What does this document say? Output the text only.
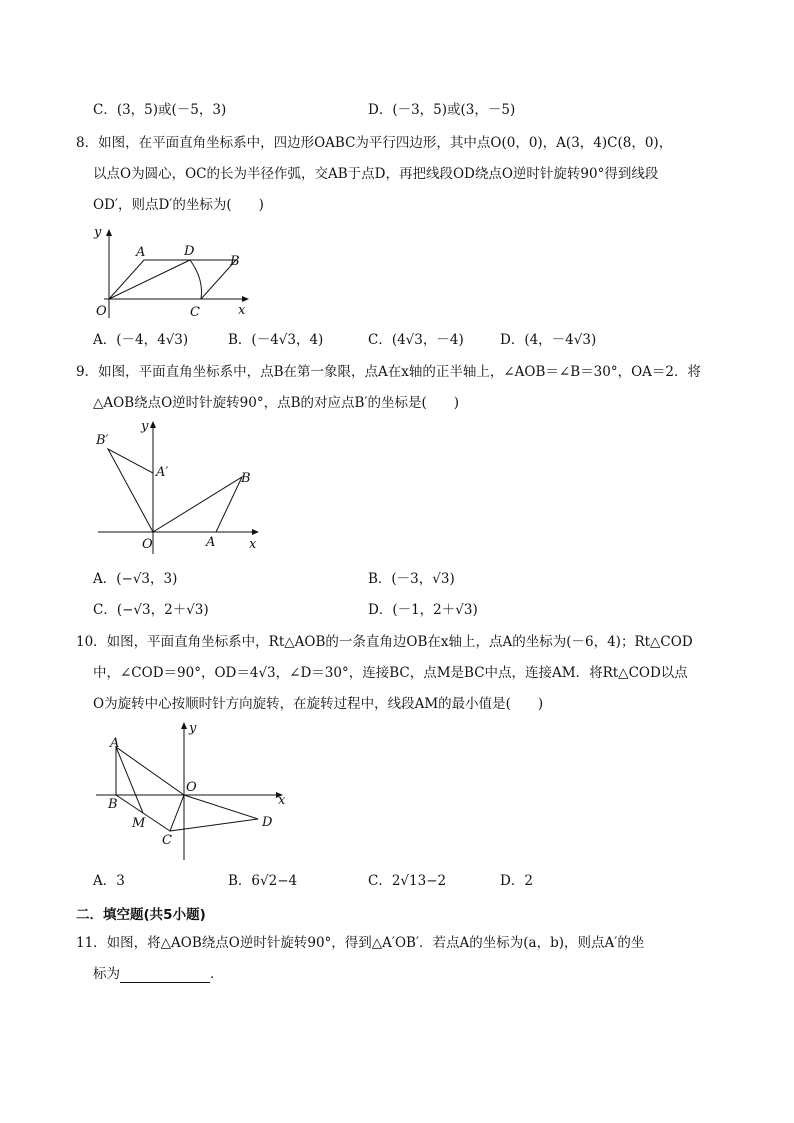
C．(3，5)或(－5，3)	D．(－3，5)或(3，－5)
8．如图，在平面直角坐标系中，四边形OABC为平行四边形，其中点O(0，0)，A(3，4)C(8，0)，
以点O为圆心，OC的长为半径作弧，交AB于点D，再把线段OD绕点O逆时针旋转90°得到线段
OD′，则点D′的坐标为(　　)
y
x
A	D
B
O	C
A．(－4，4√3)	B．(－4√3，4)	C．(4√3，－4)	D．(4，－4√3)
9．如图，平面直角坐标系中，点B在第一象限，点A在x轴的正半轴上，∠AOB＝∠B＝30°，OA＝2．将
△AOB绕点O逆时针旋转90°，点B的对应点B′的坐标是(　　)
y
x
B′
A′	B
O	A
A．(−√3，3)	B．(－3，√3)
C．(−√3，2＋√3)	D．(－1，2＋√3)
10．如图，平面直角坐标系中，Rt△AOB的一条直角边OB在x轴上，点A的坐标为(－6，4)；Rt△COD
中，∠COD＝90°，OD＝4√3，∠D＝30°，连接BC，点M是BC中点，连接AM．将Rt△COD以点
O为旋转中心按顺时针方向旋转，在旋转过程中，线段AM的最小值是(　　)
y
x
A
O
B
M
C
D
A．3	B．6√2−4	C．2√13−2	D．2
二．填空题(共5小题)
11．如图，将△AOB绕点O逆时针旋转90°，得到△A′OB′．若点A的坐标为(a，b)，则点A′的坐
标为	．
